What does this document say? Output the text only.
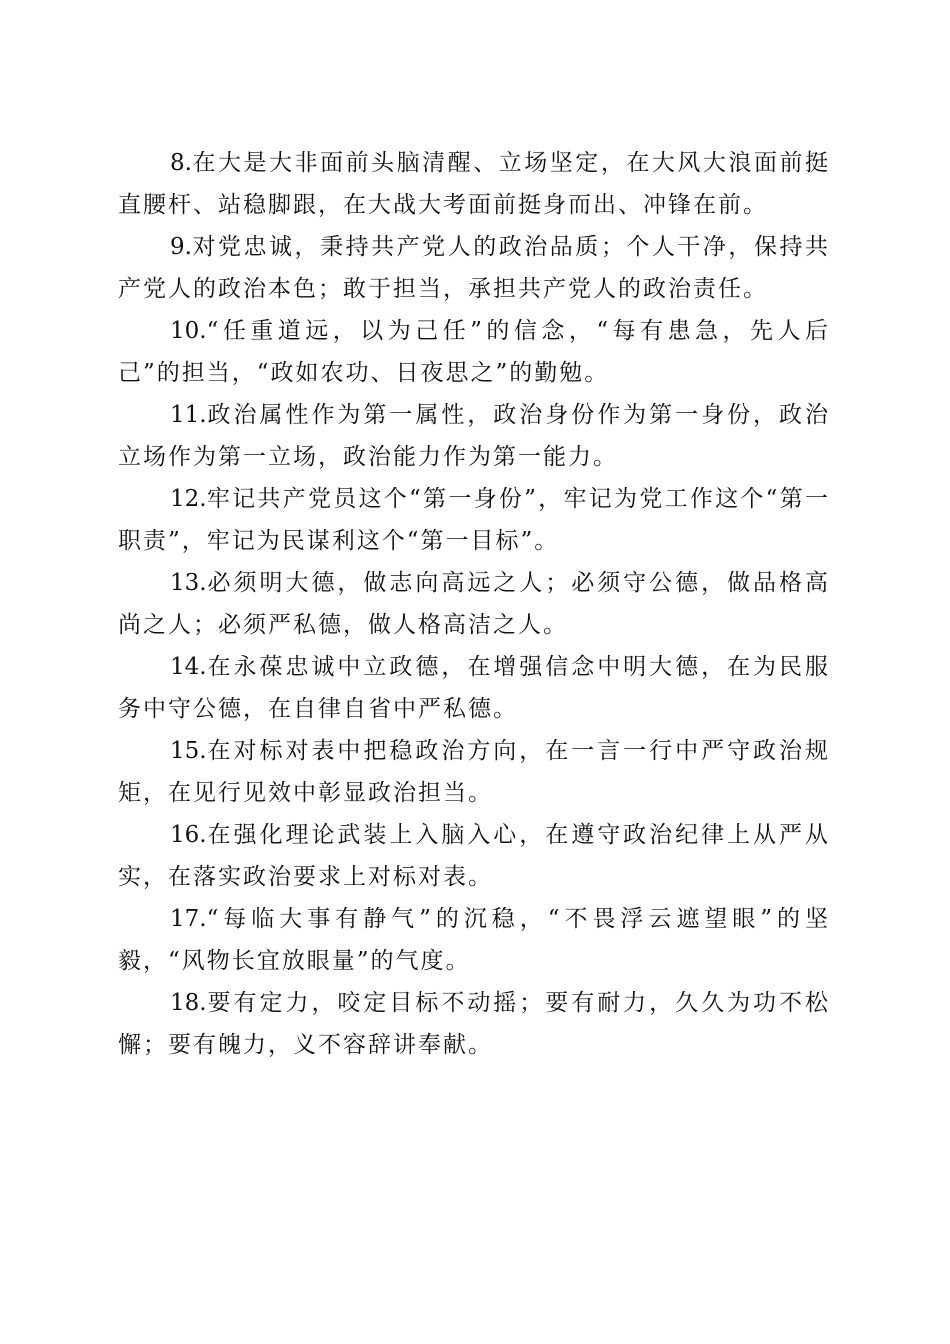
8.在大是大非面前头脑清醒、立场坚定，在大风大浪面前挺直腰杆、站稳脚跟，在大战大考面前挺身而出、冲锋在前。

9.对党忠诚，秉持共产党人的政治品质；个人干净，保持共产党人的政治本色；敢于担当，承担共产党人的政治责任。

10.“任重道远，以为己任”的信念，“每有患急，先人后己”的担当，“政如农功、日夜思之”的勤勉。

11.政治属性作为第一属性，政治身份作为第一身份，政治立场作为第一立场，政治能力作为第一能力。

12.牢记共产党员这个“第一身份”，牢记为党工作这个“第一职责”，牢记为民谋利这个“第一目标”。

13.必须明大德，做志向高远之人；必须守公德，做品格高尚之人；必须严私德，做人格高洁之人。

14.在永葆忠诚中立政德，在增强信念中明大德，在为民服务中守公德，在自律自省中严私德。

15.在对标对表中把稳政治方向，在一言一行中严守政治规矩，在见行见效中彰显政治担当。

16.在强化理论武装上入脑入心，在遵守政治纪律上从严从实，在落实政治要求上对标对表。

17.“每临大事有静气”的沉稳，“不畏浮云遮望眼”的坚毅，“风物长宜放眼量”的气度。

18.要有定力，咬定目标不动摇；要有耐力，久久为功不松懈；要有魄力，义不容辞讲奉献。
